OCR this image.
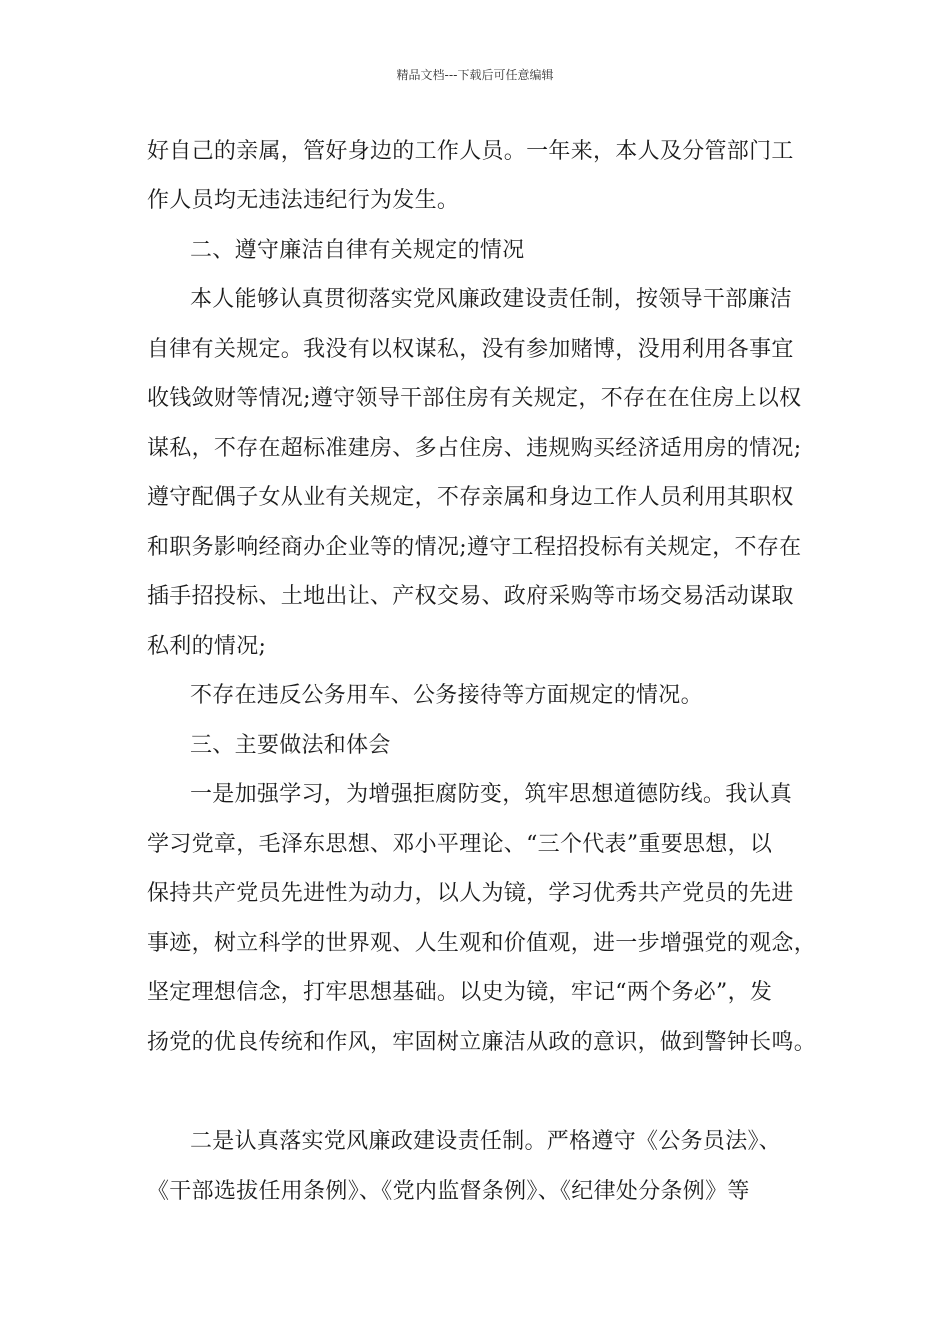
精品文档---下载后可任意编辑
好自己的亲属，管好身边的工作人员。一年来，本人及分管部门工
作人员均无违法违纪行为发生。
二、遵守廉洁自律有关规定的情况
本人能够认真贯彻落实党风廉政建设责任制，按领导干部廉洁
自律有关规定。我没有以权谋私，没有参加赌博，没用利用各事宜
收钱敛财等情况;遵守领导干部住房有关规定，不存在在住房上以权
谋私，不存在超标准建房、多占住房、违规购买经济适用房的情况;
遵守配偶子女从业有关规定，不存亲属和身边工作人员利用其职权
和职务影响经商办企业等的情况;遵守工程招投标有关规定，不存在
插手招投标、土地出让、产权交易、政府采购等市场交易活动谋取
私利的情况;
不存在违反公务用车、公务接待等方面规定的情况。
三、主要做法和体会
一是加强学习，为增强拒腐防变，筑牢思想道德防线。我认真
学习党章，毛泽东思想、邓小平理论、“三个代表”重要思想，以
保持共产党员先进性为动力，以人为镜，学习优秀共产党员的先进
事迹，树立科学的世界观、人生观和价值观，进一步增强党的观念，
坚定理想信念，打牢思想基础。以史为镜，牢记“两个务必”，发
扬党的优良传统和作风，牢固树立廉洁从政的意识，做到警钟长鸣。
二是认真落实党风廉政建设责任制。严格遵守《公务员法》、
《干部选拔任用条例》、《党内监督条例》、《纪律处分条例》等
